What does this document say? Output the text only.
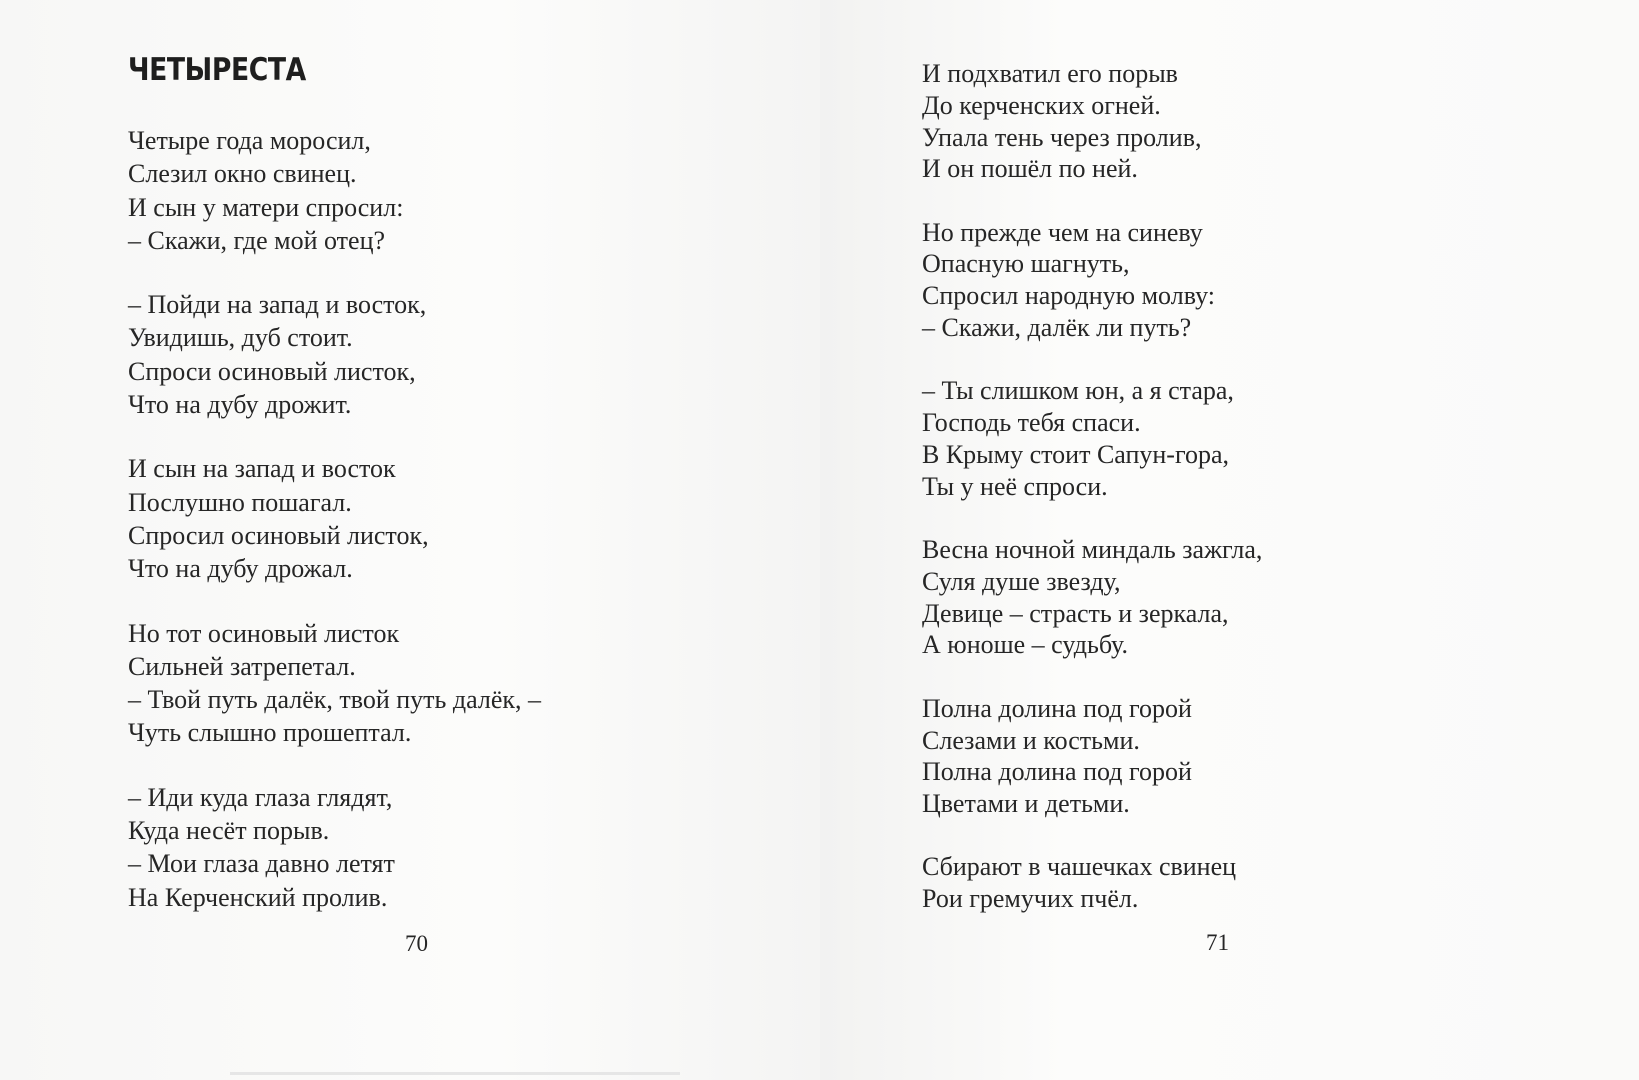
ЧЕТЫРЕСТА
Четыре года моросил,
Слезил окно свинец.
И сын у матери спросил:
– Скажи, где мой отец?
– Пойди на запад и восток,
Увидишь, дуб стоит.
Спроси осиновый листок,
Что на дубу дрожит.
И сын на запад и восток
Послушно пошагал.
Спросил осиновый листок,
Что на дубу дрожал.
Но тот осиновый листок
Сильней затрепетал.
– Твой путь далёк, твой путь далёк, –
Чуть слышно прошептал.
– Иди куда глаза глядят,
Куда несёт порыв.
– Мои глаза давно летят
На Керченский пролив.
70
И подхватил его порыв
До керченских огней.
Упала тень через пролив,
И он пошёл по ней.
Но прежде чем на синеву
Опасную шагнуть,
Спросил народную молву:
– Скажи, далёк ли путь?
– Ты слишком юн, а я стара,
Господь тебя спаси.
В Крыму стоит Сапун-гора,
Ты у неё спроси.
Весна ночной миндаль зажгла,
Суля душе звезду,
Девице – страсть и зеркала,
А юноше – судьбу.
Полна долина под горой
Слезами и костьми.
Полна долина под горой
Цветами и детьми.
Сбирают в чашечках свинец
Рои гремучих пчёл.
71
